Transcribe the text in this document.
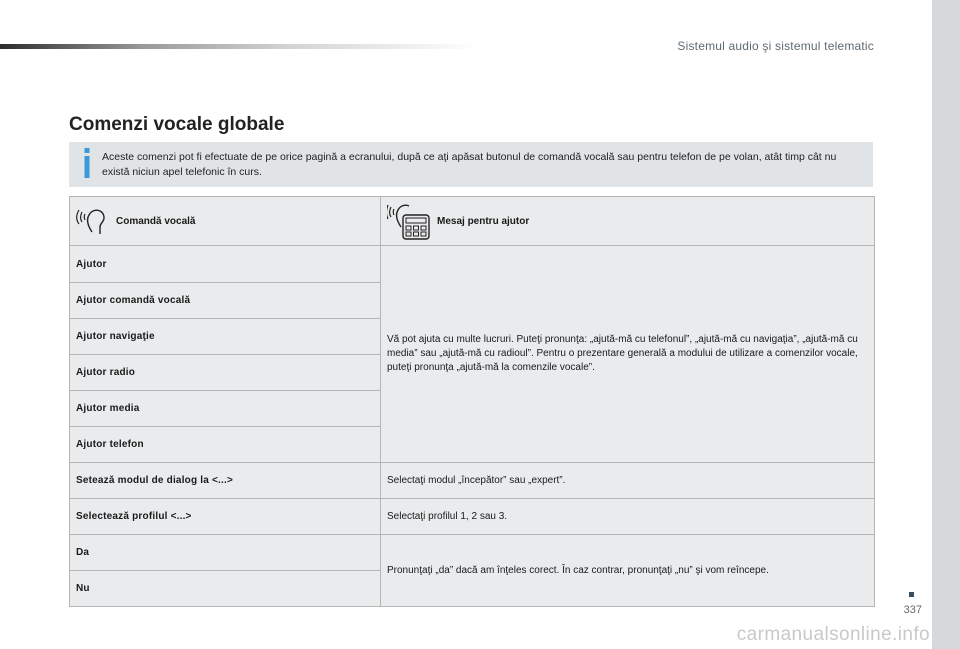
Sistemul audio şi sistemul telematic
Comenzi vocale globale

Aceste comenzi pot fi efectuate de pe orice pagină a ecranului, după ce aţi apăsat butonul de comandă vocală sau pentru telefon de pe volan, atât timp cât nu există niciun apel telefonic în curs.

Comandă vocală	Mesaj pentru ajutor

Ajutor	Vă pot ajuta cu multe lucruri. Puteţi pronunţa: „ajută-mă cu telefonul”, „ajută-mă cu navigaţia”, „ajută-mă cu media” sau „ajută-mă cu radioul”. Pentru o prezentare generală a modului de utilizare a comenzilor vocale, puteţi pronunţa „ajută-mă la comenzile vocale”.

Ajutor comandă vocală	
Ajutor navigaţie	
Ajutor radio	
Ajutor media	
Ajutor telefon	
Setează modul de dialog la <...>	Selectaţi modul „începător” sau „expert”.
Selectează profilul <...>	Selectaţi profilul 1, 2 sau 3.
Da	Pronunţaţi „da” dacă am înţeles corect. În caz contrar, pronunţaţi „nu” şi vom reîncepe.
Nu	
337
carmanualsonline.info
